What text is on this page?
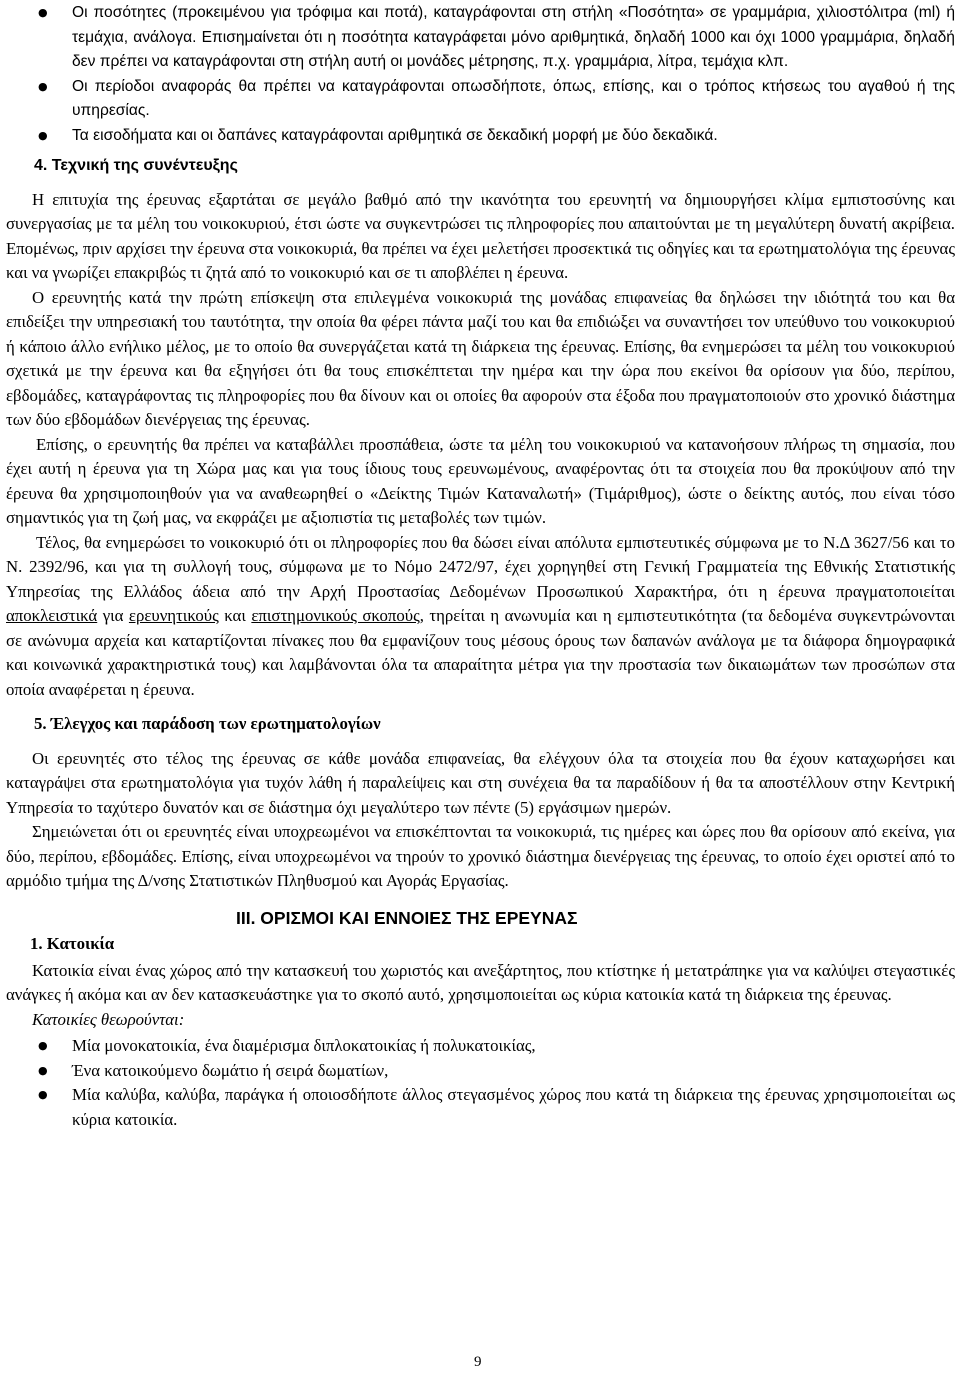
● Οι ποσότητες (προκειμένου για τρόφιμα και ποτά), καταγράφονται στη στήλη «Ποσότητα» σε γραμμάρια, χιλιοστόλιτρα (ml) ή τεμάχια, ανάλογα. Επισημαίνεται ότι η ποσότητα καταγράφεται μόνο αριθμητικά, δηλαδή 1000 και όχι 1000 γραμμάρια, δηλαδή δεν πρέπει να καταγράφονται στη στήλη αυτή οι μονάδες μέτρησης, π.χ. γραμμάρια, λίτρα, τεμάχια κλπ.
● Οι περίοδοι αναφοράς θα πρέπει να καταγράφονται οπωσδήποτε, όπως, επίσης, και ο τρόπος κτήσεως του αγαθού ή της υπηρεσίας.
● Τα εισοδήματα και οι δαπάνες καταγράφονται αριθμητικά σε δεκαδική μορφή με δύο δεκαδικά.
4. Τεχνική της συνέντευξης

Η επιτυχία της έρευνας εξαρτάται σε μεγάλο βαθμό από την ικανότητα του ερευνητή να δημιουργήσει κλίμα εμπιστοσύνης και συνεργασίας με τα μέλη του νοικοκυριού, έτσι ώστε να συγκεντρώσει τις πληροφορίες που απαιτούνται με τη μεγαλύτερη δυνατή ακρίβεια. Επομένως, πριν αρχίσει την έρευνα στα νοικοκυριά, θα πρέπει να έχει μελετήσει προσεκτικά τις οδηγίες και τα ερωτηματολόγια της έρευνας και να γνωρίζει επακριβώς τι ζητά από το νοικοκυριό και σε τι αποβλέπει η έρευνα.

Ο ερευνητής κατά την πρώτη επίσκεψη στα επιλεγμένα νοικοκυριά της μονάδας επιφανείας θα δηλώσει την ιδιότητά του και θα επιδείξει την υπηρεσιακή του ταυτότητα, την οποία θα φέρει πάντα μαζί του και θα επιδιώξει να συναντήσει τον υπεύθυνο του νοικοκυριού ή κάποιο άλλο ενήλικο μέλος, με το οποίο θα συνεργάζεται κατά τη διάρκεια της έρευνας. Επίσης, θα ενημερώσει τα μέλη του νοικοκυριού σχετικά με την έρευνα και θα εξηγήσει ότι θα τους επισκέπτεται την ημέρα και την ώρα που εκείνοι θα ορίσουν για δύο, περίπου, εβδομάδες, καταγράφοντας τις πληροφορίες που θα δίνουν και οι οποίες θα αφορούν στα έξοδα που πραγματοποιούν στο χρονικό διάστημα των δύο εβδομάδων διενέργειας της έρευνας.

Επίσης, ο ερευνητής θα πρέπει να καταβάλλει προσπάθεια, ώστε τα μέλη του νοικοκυριού να κατανοήσουν πλήρως τη σημασία, που έχει αυτή η έρευνα για τη Χώρα μας και για τους ίδιους τους ερευνωμένους, αναφέροντας ότι τα στοιχεία που θα προκύψουν από την έρευνα θα χρησιμοποιηθούν για να αναθεωρηθεί ο «Δείκτης Τιμών Καταναλωτή» (Τιμάριθμος), ώστε ο δείκτης αυτός, που είναι τόσο σημαντικός για τη ζωή μας, να εκφράζει με αξιοπιστία τις μεταβολές των τιμών.

Τέλος, θα ενημερώσει το νοικοκυριό ότι οι πληροφορίες που θα δώσει είναι απόλυτα εμπιστευτικές σύμφωνα με το Ν.Δ 3627/56 και το Ν. 2392/96, και για τη συλλογή τους, σύμφωνα με το Νόμο 2472/97, έχει χορηγηθεί στη Γενική Γραμματεία της Εθνικής Στατιστικής Υπηρεσίας της Ελλάδος άδεια από την Αρχή Προστασίας Δεδομένων Προσωπικού Χαρακτήρα, ότι η έρευνα πραγματοποιείται αποκλειστικά για ερευνητικούς και επιστημονικούς σκοπούς, τηρείται η ανωνυμία και η εμπιστευτικότητα (τα δεδομένα συγκεντρώνονται σε ανώνυμα αρχεία και καταρτίζονται πίνακες που θα εμφανίζουν τους μέσους όρους των δαπανών ανάλογα με τα διάφορα δημογραφικά και κοινωνικά χαρακτηριστικά τους) και λαμβάνονται όλα τα απαραίτητα μέτρα για την προστασία των δικαιωμάτων των προσώπων στα οποία αναφέρεται η έρευνα.

5. Έλεγχος και παράδοση των ερωτηματολογίων

Οι ερευνητές στο τέλος της έρευνας σε κάθε μονάδα επιφανείας, θα ελέγχουν όλα τα στοιχεία που θα έχουν καταχωρήσει και καταγράψει στα ερωτηματολόγια για τυχόν λάθη ή παραλείψεις και στη συνέχεια θα τα παραδίδουν ή θα τα αποστέλλουν στην Κεντρική Υπηρεσία το ταχύτερο δυνατόν και σε διάστημα όχι μεγαλύτερο των πέντε (5) εργάσιμων ημερών.

Σημειώνεται ότι οι ερευνητές είναι υποχρεωμένοι να επισκέπτονται τα νοικοκυριά, τις ημέρες και ώρες που θα ορίσουν από εκείνα, για δύο, περίπου, εβδομάδες. Επίσης, είναι υποχρεωμένοι να τηρούν το χρονικό διάστημα διενέργειας της έρευνας, το οποίο έχει οριστεί από το αρμόδιο τμήμα της Δ/νσης Στατιστικών Πληθυσμού και Αγοράς Εργασίας.

ΙΙΙ. ΟΡΙΣΜΟΙ ΚΑΙ ΕΝΝΟΙΕΣ ΤΗΣ ΕΡΕΥΝΑΣ
1. Κατοικία

Κατοικία είναι ένας χώρος από την κατασκευή του χωριστός και ανεξάρτητος, που κτίστηκε ή μετατράπηκε για να καλύψει στεγαστικές ανάγκες ή ακόμα και αν δεν κατασκευάστηκε για το σκοπό αυτό, χρησιμοποιείται ως κύρια κατοικία κατά τη διάρκεια της έρευνας.

Κατοικίες θεωρούνται:

● Μία μονοκατοικία, ένα διαμέρισμα διπλοκατοικίας ή πολυκατοικίας,
● Ένα κατοικούμενο δωμάτιο ή σειρά δωματίων,
● Μία καλύβα, καλύβα, παράγκα ή οποιοσδήποτε άλλος στεγασμένος χώρος που κατά τη διάρκεια της έρευνας χρησιμοποιείται ως κύρια κατοικία.
9
